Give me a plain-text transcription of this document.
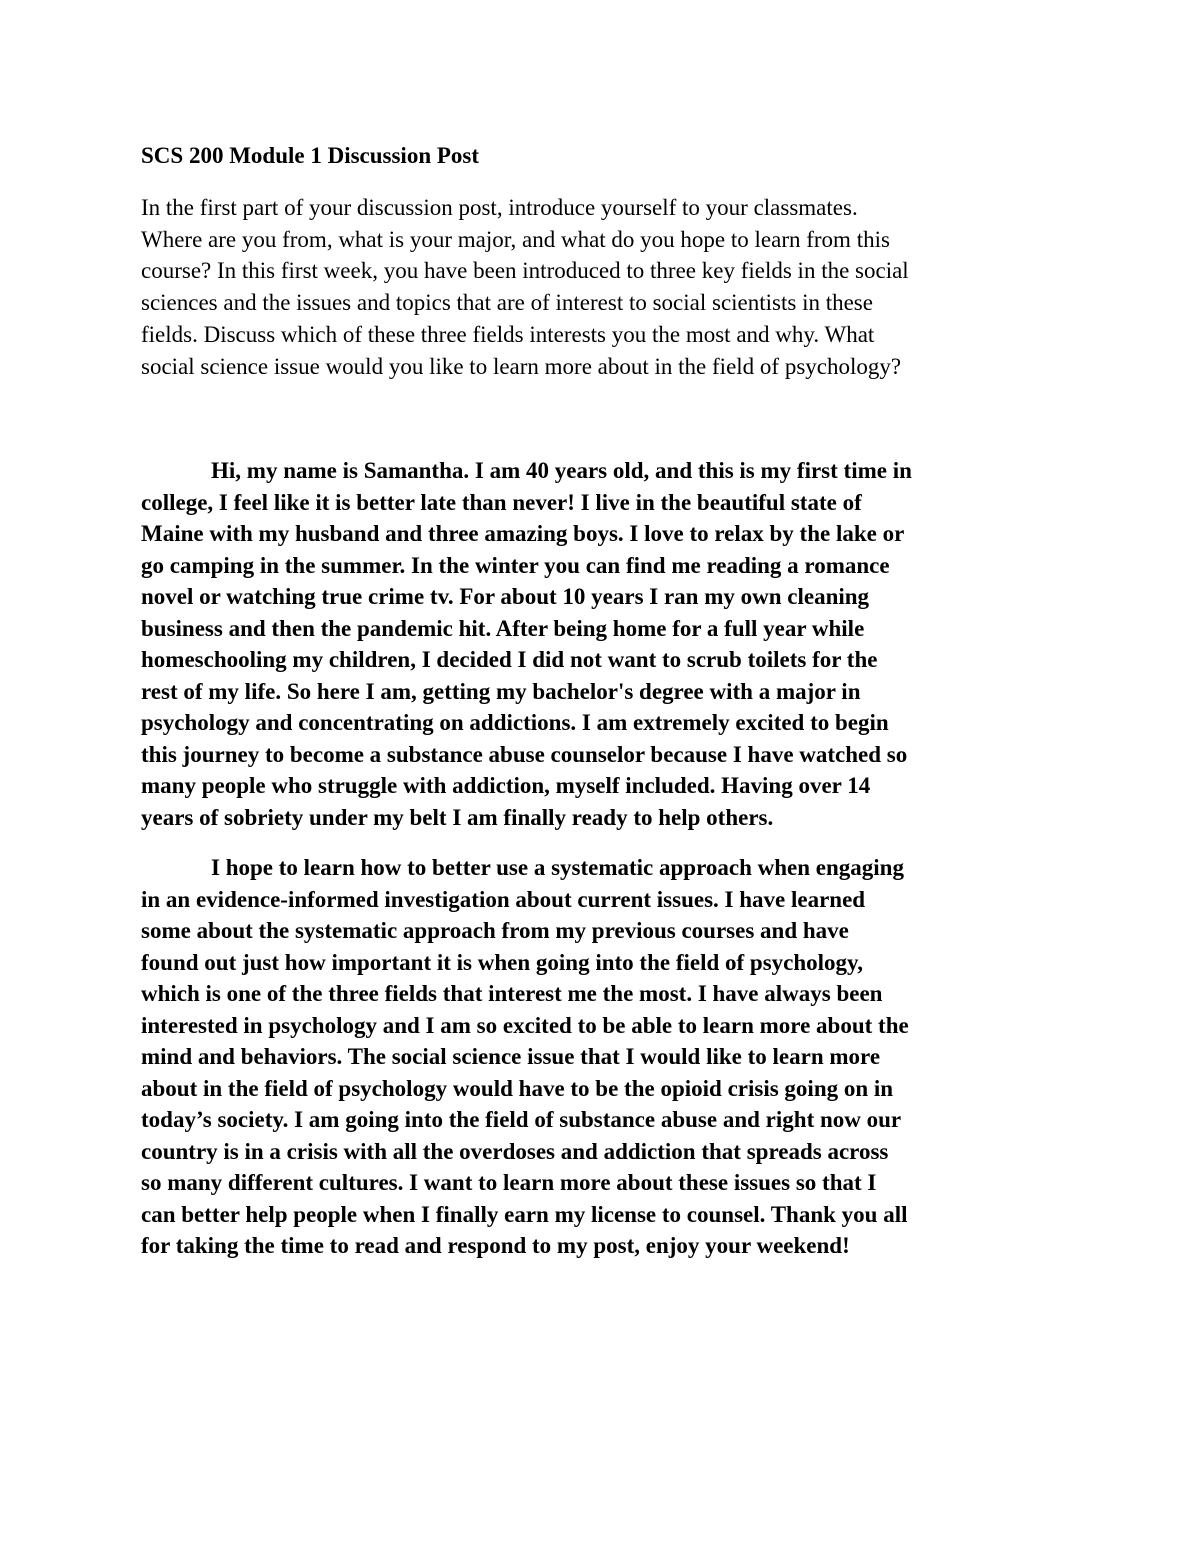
SCS 200 Module 1 Discussion Post

In the first part of your discussion post, introduce yourself to your classmates.
Where are you from, what is your major, and what do you hope to learn from this
course? In this first week, you have been introduced to three key fields in the social
sciences and the issues and topics that are of interest to social scientists in these
fields. Discuss which of these three fields interests you the most and why. What
social science issue would you like to learn more about in the field of psychology?

Hi, my name is Samantha. I am 40 years old, and this is my first time in
college, I feel like it is better late than never! I live in the beautiful state of
Maine with my husband and three amazing boys. I love to relax by the lake or
go camping in the summer. In the winter you can find me reading a romance
novel or watching true crime tv. For about 10 years I ran my own cleaning
business and then the pandemic hit. After being home for a full year while
homeschooling my children, I decided I did not want to scrub toilets for the
rest of my life. So here I am, getting my bachelor's degree with a major in
psychology and concentrating on addictions. I am extremely excited to begin
this journey to become a substance abuse counselor because I have watched so
many people who struggle with addiction, myself included. Having over 14
years of sobriety under my belt I am finally ready to help others.

I hope to learn how to better use a systematic approach when engaging
in an evidence-informed investigation about current issues. I have learned
some about the systematic approach from my previous courses and have
found out just how important it is when going into the field of psychology,
which is one of the three fields that interest me the most. I have always been
interested in psychology and I am so excited to be able to learn more about the
mind and behaviors. The social science issue that I would like to learn more
about in the field of psychology would have to be the opioid crisis going on in
today’s society. I am going into the field of substance abuse and right now our
country is in a crisis with all the overdoses and addiction that spreads across
so many different cultures. I want to learn more about these issues so that I
can better help people when I finally earn my license to counsel. Thank you all
for taking the time to read and respond to my post, enjoy your weekend!
